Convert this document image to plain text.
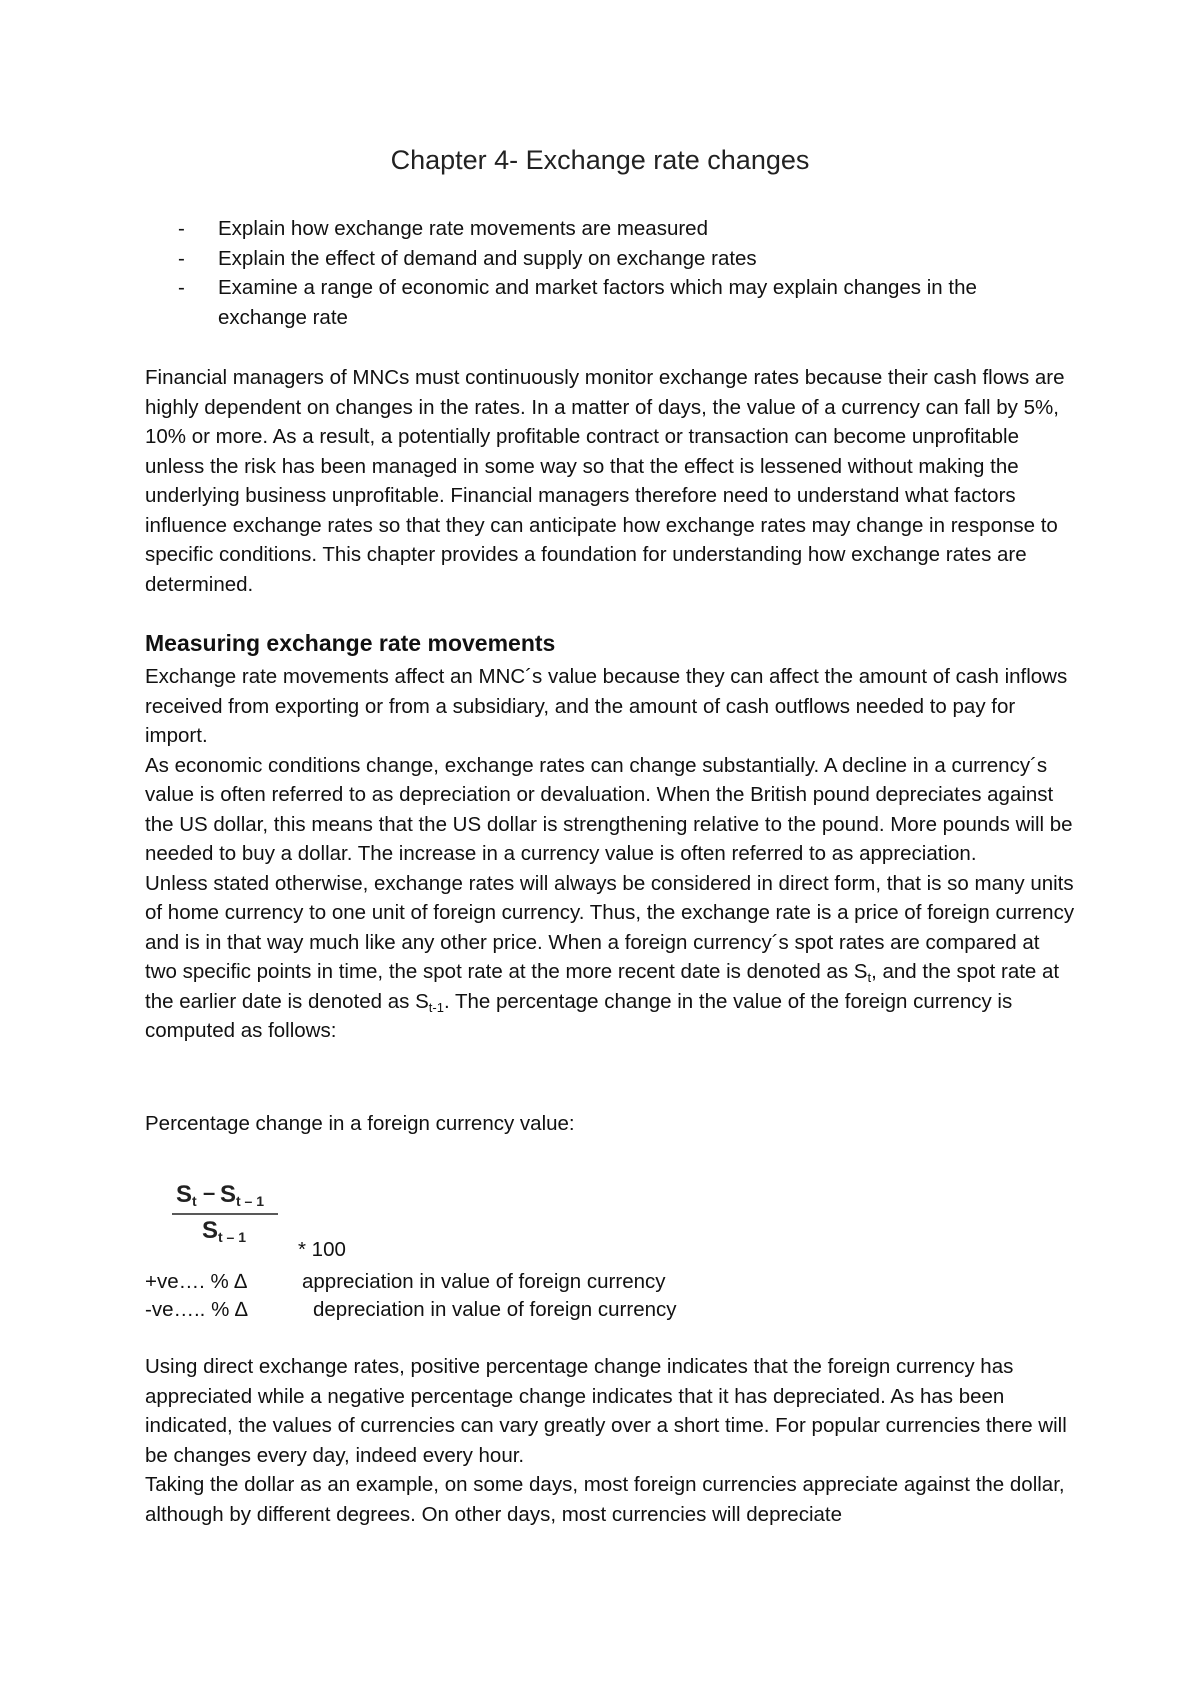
Chapter 4- Exchange rate changes
- Explain how exchange rate movements are measured
- Explain the effect of demand and supply on exchange rates
- Examine a range of economic and market factors which may explain changes in the exchange rate

Financial managers of MNCs must continuously monitor exchange rates because their cash flows are highly dependent on changes in the rates. In a matter of days, the value of a currency can fall by 5%, 10% or more. As a result, a potentially profitable contract or transaction can become unprofitable unless the risk has been managed in some way so that the effect is lessened without making the underlying business unprofitable. Financial managers therefore need to understand what factors influence exchange rates so that they can anticipate how exchange rates may change in response to specific conditions. This chapter provides a foundation for understanding how exchange rates are determined.

Measuring exchange rate movements

Exchange rate movements affect an MNC´s value because they can affect the amount of cash inflows received from exporting or from a subsidiary, and the amount of cash outflows needed to pay for import.

As economic conditions change, exchange rates can change substantially. A decline in a currency´s value is often referred to as depreciation or devaluation. When the British pound depreciates against the US dollar, this means that the US dollar is strengthening relative to the pound. More pounds will be needed to buy a dollar. The increase in a currency value is often referred to as appreciation.

Unless stated otherwise, exchange rates will always be considered in direct form, that is so many units of home currency to one unit of foreign currency. Thus, the exchange rate is a price of foreign currency and is in that way much like any other price. When a foreign currency´s spot rates are compared at two specific points in time, the spot rate at the more recent date is denoted as $S_t$, and the spot rate at the earlier date is denoted as $S_{t-1}$. The percentage change in the value of the foreign currency is computed as follows:

Percentage change in a foreign currency value:

S t – S t – 1
S t – 1
* 100
+ve…. % ∆	appreciation in value of foreign currency
-ve….. % ∆	depreciation in value of foreign currency

Using direct exchange rates, positive percentage change indicates that the foreign currency has appreciated while a negative percentage change indicates that it has depreciated. As has been indicated, the values of currencies can vary greatly over a short time. For popular currencies there will be changes every day, indeed every hour.

Taking the dollar as an example, on some days, most foreign currencies appreciate against the dollar, although by different degrees. On other days, most currencies will depreciate
